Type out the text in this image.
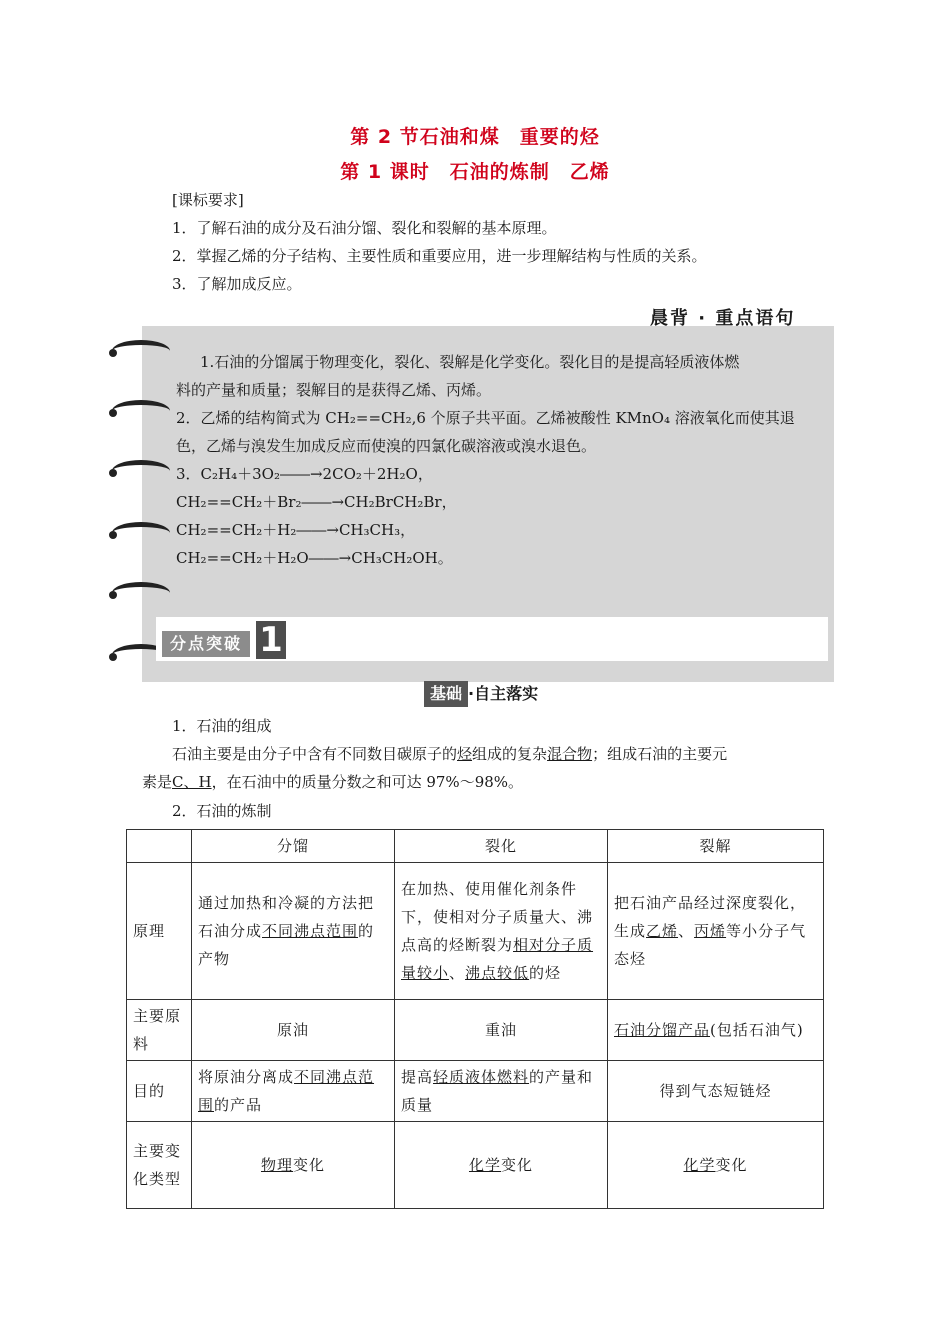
第 2 节石油和煤　重要的烃
第 1 课时　石油的炼制　乙烯
[课标要求]
1．了解石油的成分及石油分馏、裂化和裂解的基本原理。
2．掌握乙烯的分子结构、主要性质和重要应用，进一步理解结构与性质的关系。
3．了解加成反应。
1.石油的分馏属于物理变化，裂化、裂解是化学变化。裂化目的是提高轻质液体燃
料的产量和质量；裂解目的是获得乙烯、丙烯。
2．乙烯的结构简式为 CH₂==CH₂,6 个原子共平面。乙烯被酸性 KMnO₄ 溶液氧化而使其退
色，乙烯与溴发生加成反应而使溴的四氯化碳溶液或溴水退色。
3．C₂H₄＋3O₂――→2CO₂＋2H₂O，
CH₂==CH₂＋Br₂――→CH₂BrCH₂Br，
CH₂==CH₂＋H₂――→CH₃CH₃，
CH₂==CH₂＋H₂O――→CH₃CH₂OH。
晨背 · 重点语句
分点突破 1
基础 ·自主落实
1．石油的组成
石油主要是由分子中含有不同数目碳原子的烃组成的复杂混合物；组成石油的主要元
素是C、H，在石油中的质量分数之和可达 97%～98%。
2．石油的炼制
	分馏	裂化	裂解
原理	通过加热和冷凝的方法把石油分成不同沸点范围的产物	在加热、使用催化剂条件下，使相对分子质量大、沸点高的烃断裂为相对分子质量较小、沸点较低的烃	把石油产品经过深度裂化，生成乙烯、丙烯等小分子气态烃
主要原料	原油	重油	石油分馏产品(包括石油气)
目的	将原油分离成不同沸点范围的产品	提高轻质液体燃料的产量和质量	得到气态短链烃
主要变化类型	物理变化	化学变化	化学变化
